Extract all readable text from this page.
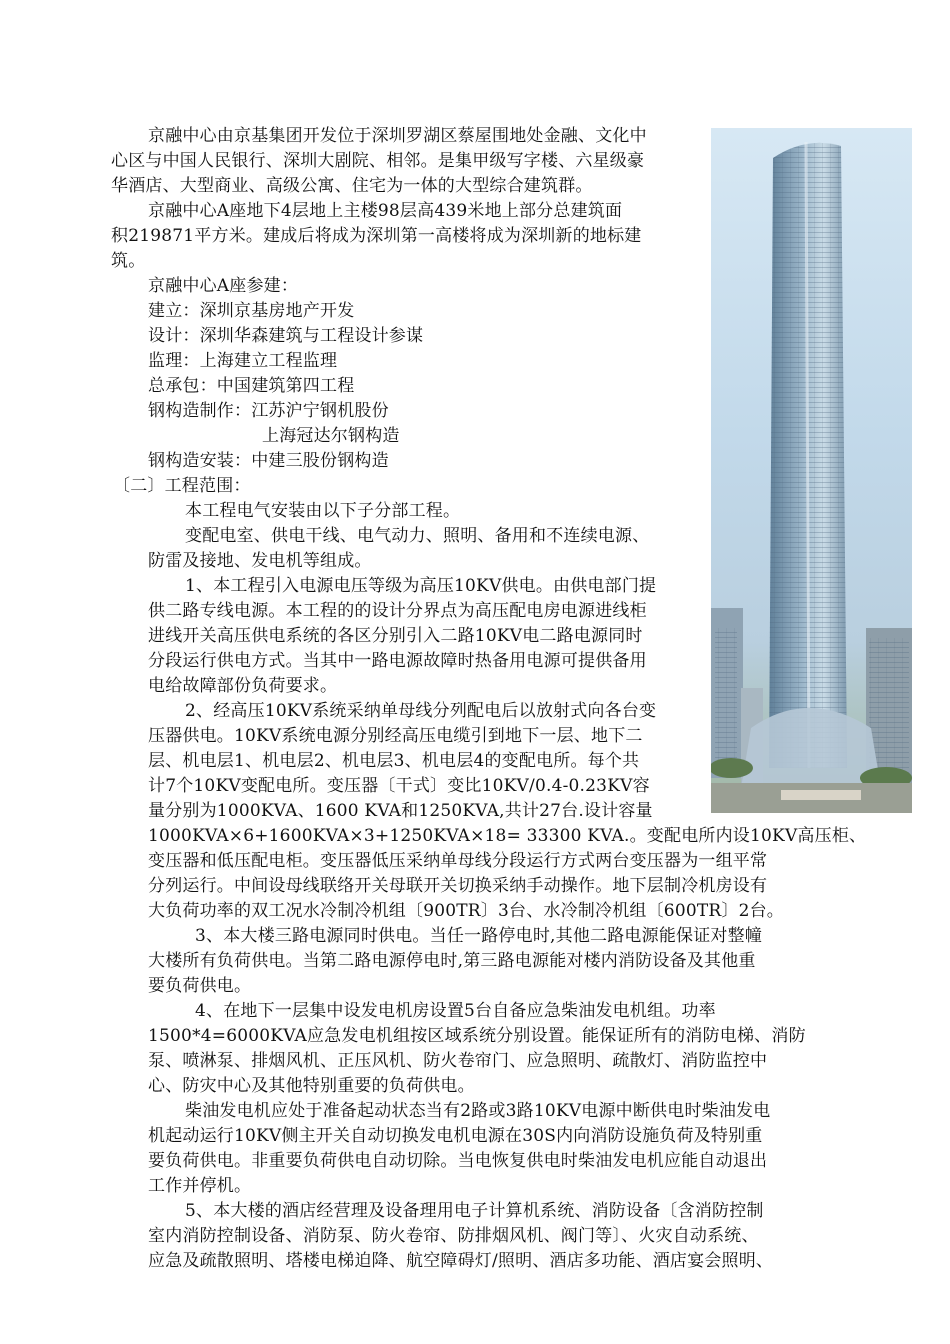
京融中心由京基集团开发位于深圳罗湖区蔡屋围地处金融、文化中
心区与中国人民银行、深圳大剧院、相邻。是集甲级写字楼、六星级豪
华酒店、大型商业、高级公寓、住宅为一体的大型综合建筑群。
京融中心A座地下4层地上主楼98层高439米地上部分总建筑面
积219871平方米。建成后将成为深圳第一高楼将成为深圳新的地标建
筑。
京融中心A座参建：
建立：深圳京基房地产开发
设计：深圳华森建筑与工程设计参谋
监理：上海建立工程监理
总承包：中国建筑第四工程
钢构造制作：江苏沪宁钢机股份
上海冠达尔钢构造
钢构造安装：中建三股份钢构造
〔二〕工程范围：
本工程电气安装由以下子分部工程。
变配电室、供电干线、电气动力、照明、备用和不连续电源、
防雷及接地、发电机等组成。
1、本工程引入电源电压等级为高压10KV供电。由供电部门提
供二路专线电源。本工程的的设计分界点为高压配电房电源进线柜
进线开关高压供电系统的各区分别引入二路10KV电二路电源同时
分段运行供电方式。当其中一路电源故障时热备用电源可提供备用
电给故障部份负荷要求。
2、经高压10KV系统采纳单母线分列配电后以放射式向各台变
压器供电。10KV系统电源分别经高压电缆引到地下一层、地下二
层、机电层1、机电层2、机电层3、机电层4的变配电所。每个共
计7个10KV变配电所。变压器〔干式〕变比10KV/0.4-0.23KV容
量分别为1000KVA、1600 KVA和1250KVA,共计27台.设计容量
1000KVA×6+1600KVA×3+1250KVA×18= 33300 KVA.。变配电所内设10KV高压柜、
变压器和低压配电柜。变压器低压采纳单母线分段运行方式两台变压器为一组平常
分列运行。中间设母线联络开关母联开关切换采纳手动操作。地下层制冷机房设有
大负荷功率的双工况水冷制冷机组〔900TR〕3台、水冷制冷机组〔600TR〕2台。
3、本大楼三路电源同时供电。当任一路停电时,其他二路电源能保证对整幢
大楼所有负荷供电。当第二路电源停电时,第三路电源能对楼内消防设备及其他重
要负荷供电。
4、在地下一层集中设发电机房设置5台自备应急柴油发电机组。功率
1500*4=6000KVA应急发电机组按区域系统分别设置。能保证所有的消防电梯、消防
泵、喷淋泵、排烟风机、正压风机、防火卷帘门、应急照明、疏散灯、消防监控中
心、防灾中心及其他特别重要的负荷供电。
柴油发电机应处于准备起动状态当有2路或3路10KV电源中断供电时柴油发电
机起动运行10KV侧主开关自动切换发电机电源在30S内向消防设施负荷及特别重
要负荷供电。非重要负荷供电自动切除。当电恢复供电时柴油发电机应能自动退出
工作并停机。
5、本大楼的酒店经营理及设备理用电子计算机系统、消防设备〔含消防控制
室内消防控制设备、消防泵、防火卷帘、防排烟风机、阀门等〕、火灾自动系统、
应急及疏散照明、塔楼电梯迫降、航空障碍灯/照明、酒店多功能、酒店宴会照明、
